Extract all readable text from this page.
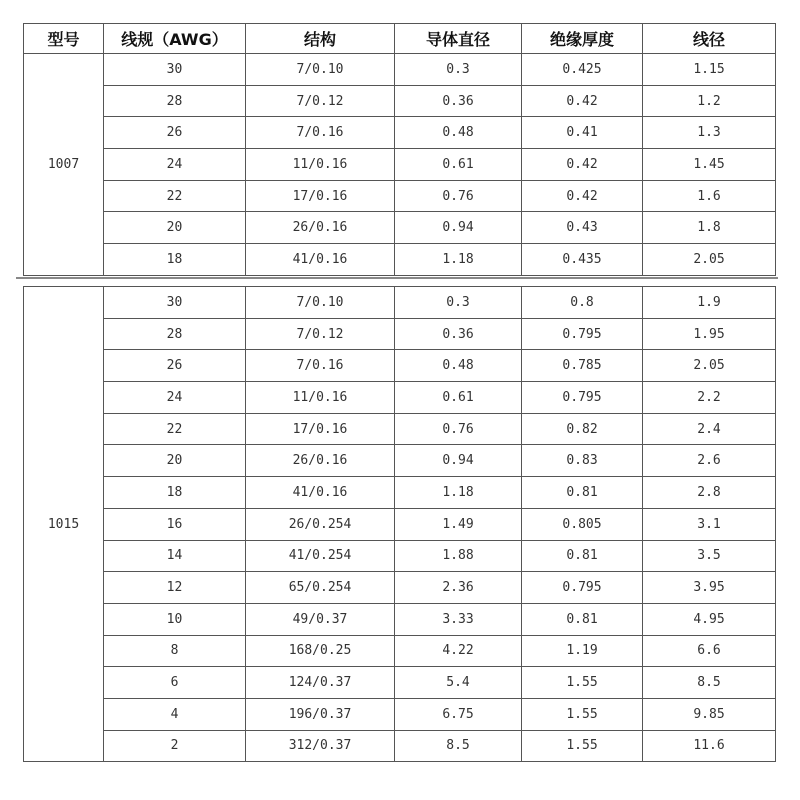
型号	线规（AWG）	结构	导体直径	绝缘厚度	线径
1007	30	7/0.10	0.3	0.425	1.15
	28	7/0.12	0.36	0.42	1.2
	26	7/0.16	0.48	0.41	1.3
	24	11/0.16	0.61	0.42	1.45
	22	17/0.16	0.76	0.42	1.6
	20	26/0.16	0.94	0.43	1.8
	18	41/0.16	1.18	0.435	2.05
1015	30	7/0.10	0.3	0.8	1.9
	28	7/0.12	0.36	0.795	1.95
	26	7/0.16	0.48	0.785	2.05
	24	11/0.16	0.61	0.795	2.2
	22	17/0.16	0.76	0.82	2.4
	20	26/0.16	0.94	0.83	2.6
	18	41/0.16	1.18	0.81	2.8
	16	26/0.254	1.49	0.805	3.1
	14	41/0.254	1.88	0.81	3.5
	12	65/0.254	2.36	0.795	3.95
	10	49/0.37	3.33	0.81	4.95
	8	168/0.25	4.22	1.19	6.6
	6	124/0.37	5.4	1.55	8.5
	4	196/0.37	6.75	1.55	9.85
	2	312/0.37	8.5	1.55	11.6
